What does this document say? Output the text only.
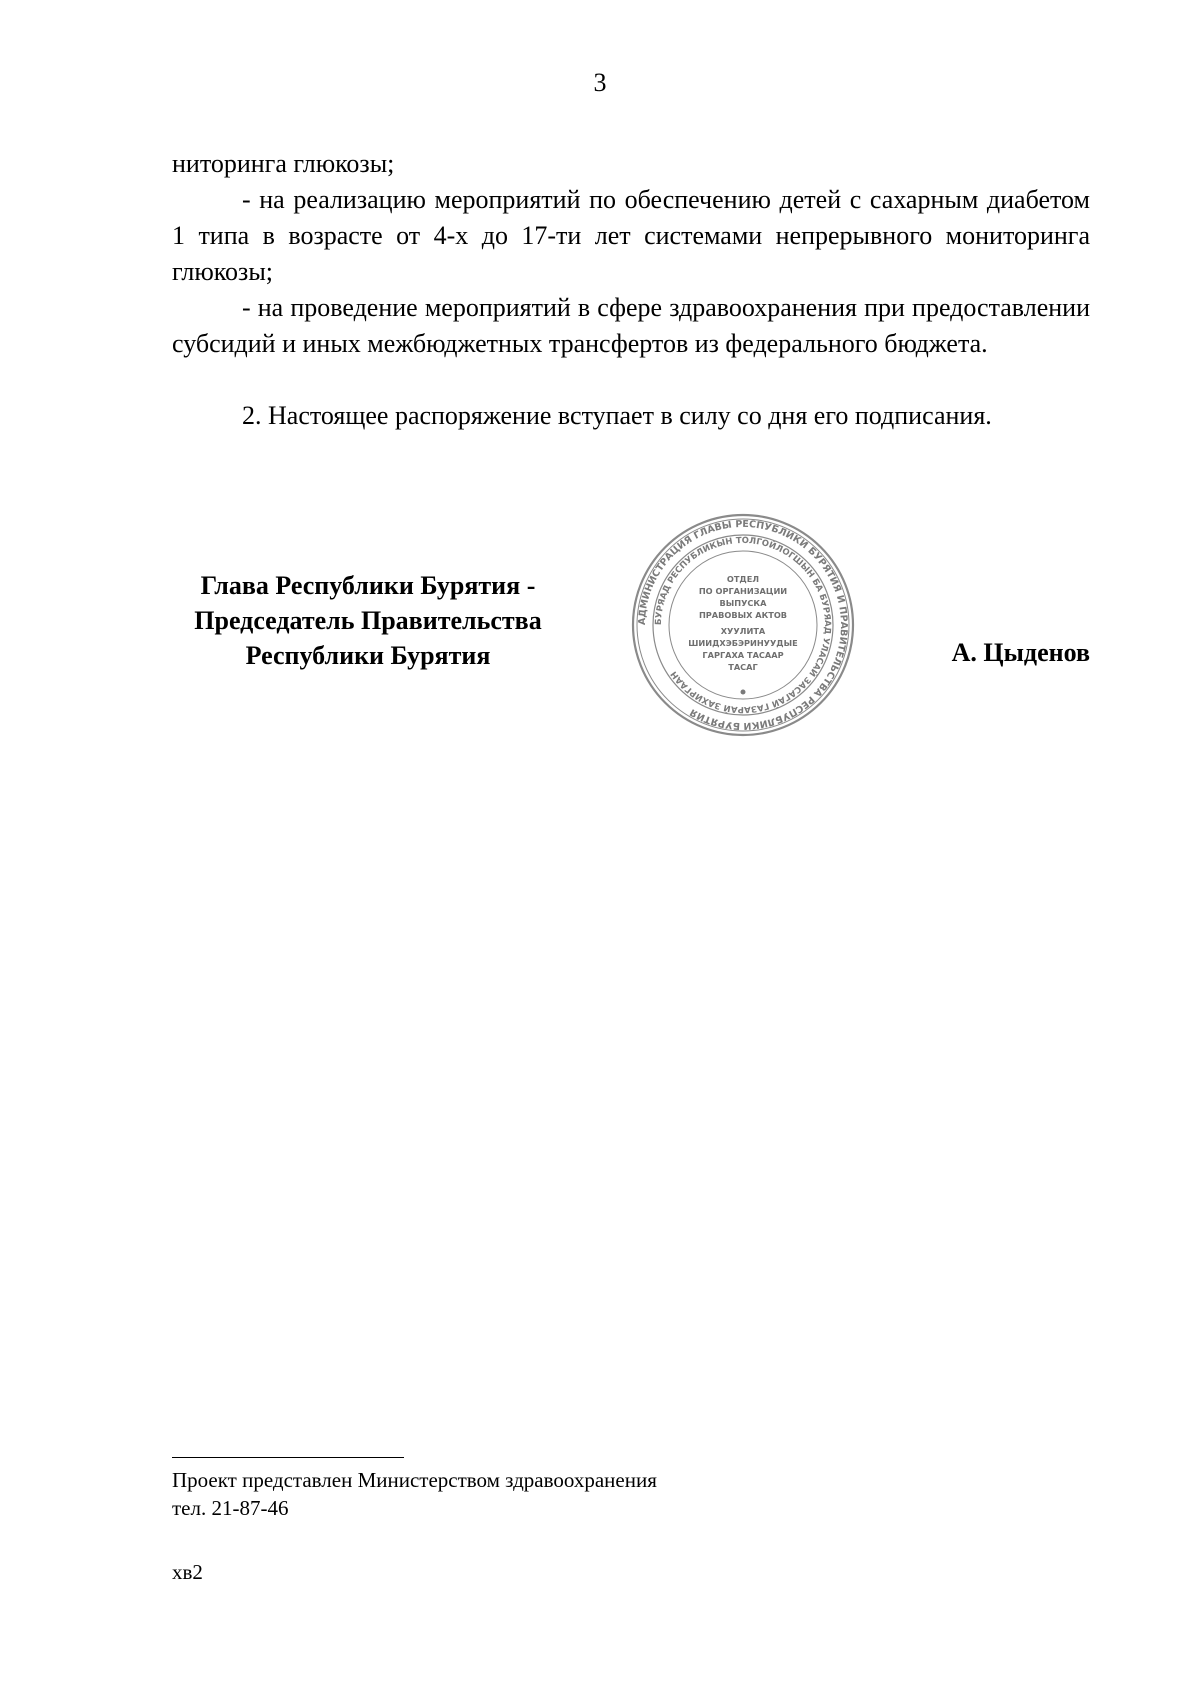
3

ниторинга глюкозы;

- на реализацию мероприятий по обеспечению детей с сахарным диабетом 1 типа в возрасте от 4-х до 17-ти лет системами непрерывного мониторинга глюкозы;

- на проведение мероприятий в сфере здравоохранения при предоставлении субсидий и иных межбюджетных трансфертов из федерального бюджета.

2. Настоящее распоряжение вступает в силу со дня его подписания.

Глава Республики Бурятия -
Председатель Правительства
Республики Бурятия
АДМИНИСТРАЦИЯ ГЛАВЫ РЕСПУБЛИКИ БУРЯТИЯ И ПРАВИТЕЛЬСТВА РЕСПУБЛИКИ БУРЯТИЯ
БУРЯАД РЕСПУБЛИКЫН ТОЛГОЙЛОГШЫН БА БУРЯАД УЛАСАЙ ЗАСАГАЙ ГАЗАРАЙ ЗАХИРГААН
ОТДЕЛ
ПО ОРГАНИЗАЦИИ
ВЫПУСКА
ПРАВОВЫХ АКТОВ
ХУУЛИТА
ШИИДХЭБЭРИНУУДЫЕ
ГАРГАХА ТАСААР
ТАСАГ	А. Цыденов
Проект представлен Министерством здравоохранения
тел. 21-87-46
хв2
